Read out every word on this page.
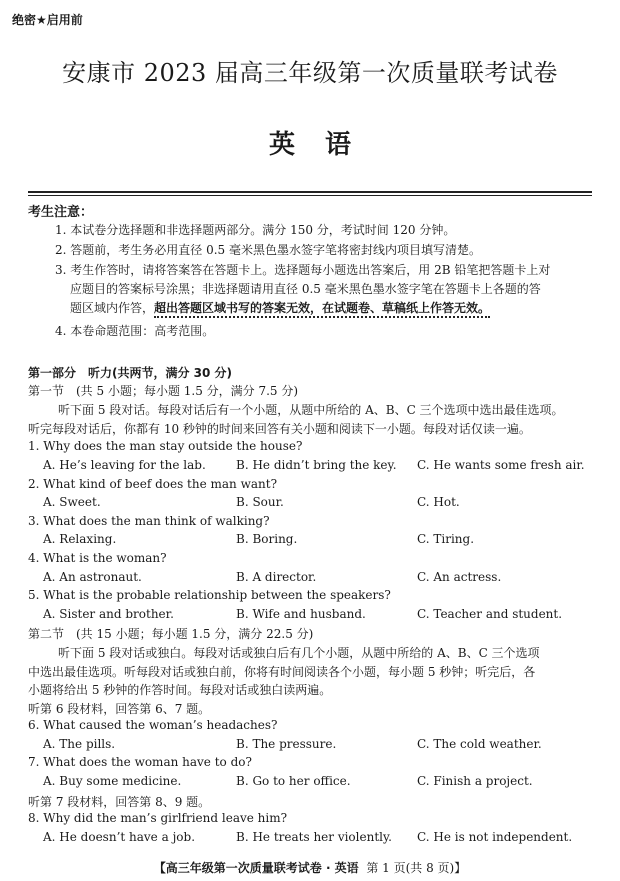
绝密★启用前
安康市 2023 届高三年级第一次质量联考试卷
英语
考生注意：
1. 本试卷分选择题和非选择题两部分。满分 150 分，考试时间 120 分钟。
2. 答题前，考生务必用直径 0.5 毫米黑色墨水签字笔将密封线内项目填写清楚。
3. 考生作答时，请将答案答在答题卡上。选择题每小题选出答案后，用 2B 铅笔把答题卡上对
应题目的答案标号涂黑；非选择题请用直径 0.5 毫米黑色墨水签字笔在答题卡上各题的答
题区域内作答，超出答题区域书写的答案无效，在试题卷、草稿纸上作答无效。
4. 本卷命题范围：高考范围。
第一部分　听力(共两节，满分 30 分)
第一节　(共 5 小题；每小题 1.5 分，满分 7.5 分)
听下面 5 段对话。每段对话后有一个小题，从题中所给的 A、B、C 三个选项中选出最佳选项。
听完每段对话后，你都有 10 秒钟的时间来回答有关小题和阅读下一小题。每段对话仅读一遍。
1. Why does the man stay outside the house?
A. He’s leaving for the lab.	B. He didn’t bring the key. C. He wants some fresh air.
2. What kind of beef does the man want?
A. Sweet.	B. Sour.	C. Hot.
3. What does the man think of walking?
A. Relaxing.	B. Boring.	C. Tiring.
4. What is the woman?
A. An astronaut.	B. A director.	C. An actress.
5. What is the probable relationship between the speakers?
A. Sister and brother.	B. Wife and husband.	C. Teacher and student.
第二节　(共 15 小题；每小题 1.5 分，满分 22.5 分)
听下面 5 段对话或独白。每段对话或独白后有几个小题，从题中所给的 A、B、C 三个选项
中选出最佳选项。听每段对话或独白前，你将有时间阅读各个小题，每小题 5 秒钟；听完后，各
小题将给出 5 秒钟的作答时间。每段对话或独白读两遍。
听第 6 段材料，回答第 6、7 题。
6. What caused the woman’s headaches?
A. The pills.	B. The pressure.	C. The cold weather.
7. What does the woman have to do?
A. Buy some medicine.	B. Go to her office.	C. Finish a project.
听第 7 段材料，回答第 8、9 题。
8. Why did the man’s girlfriend leave him?
A. He doesn’t have a job.	B. He treats her violently. C. He is not independent.
【高三年级第一次质量联考试卷 · 英语 第 1 页(共 8 页)】
